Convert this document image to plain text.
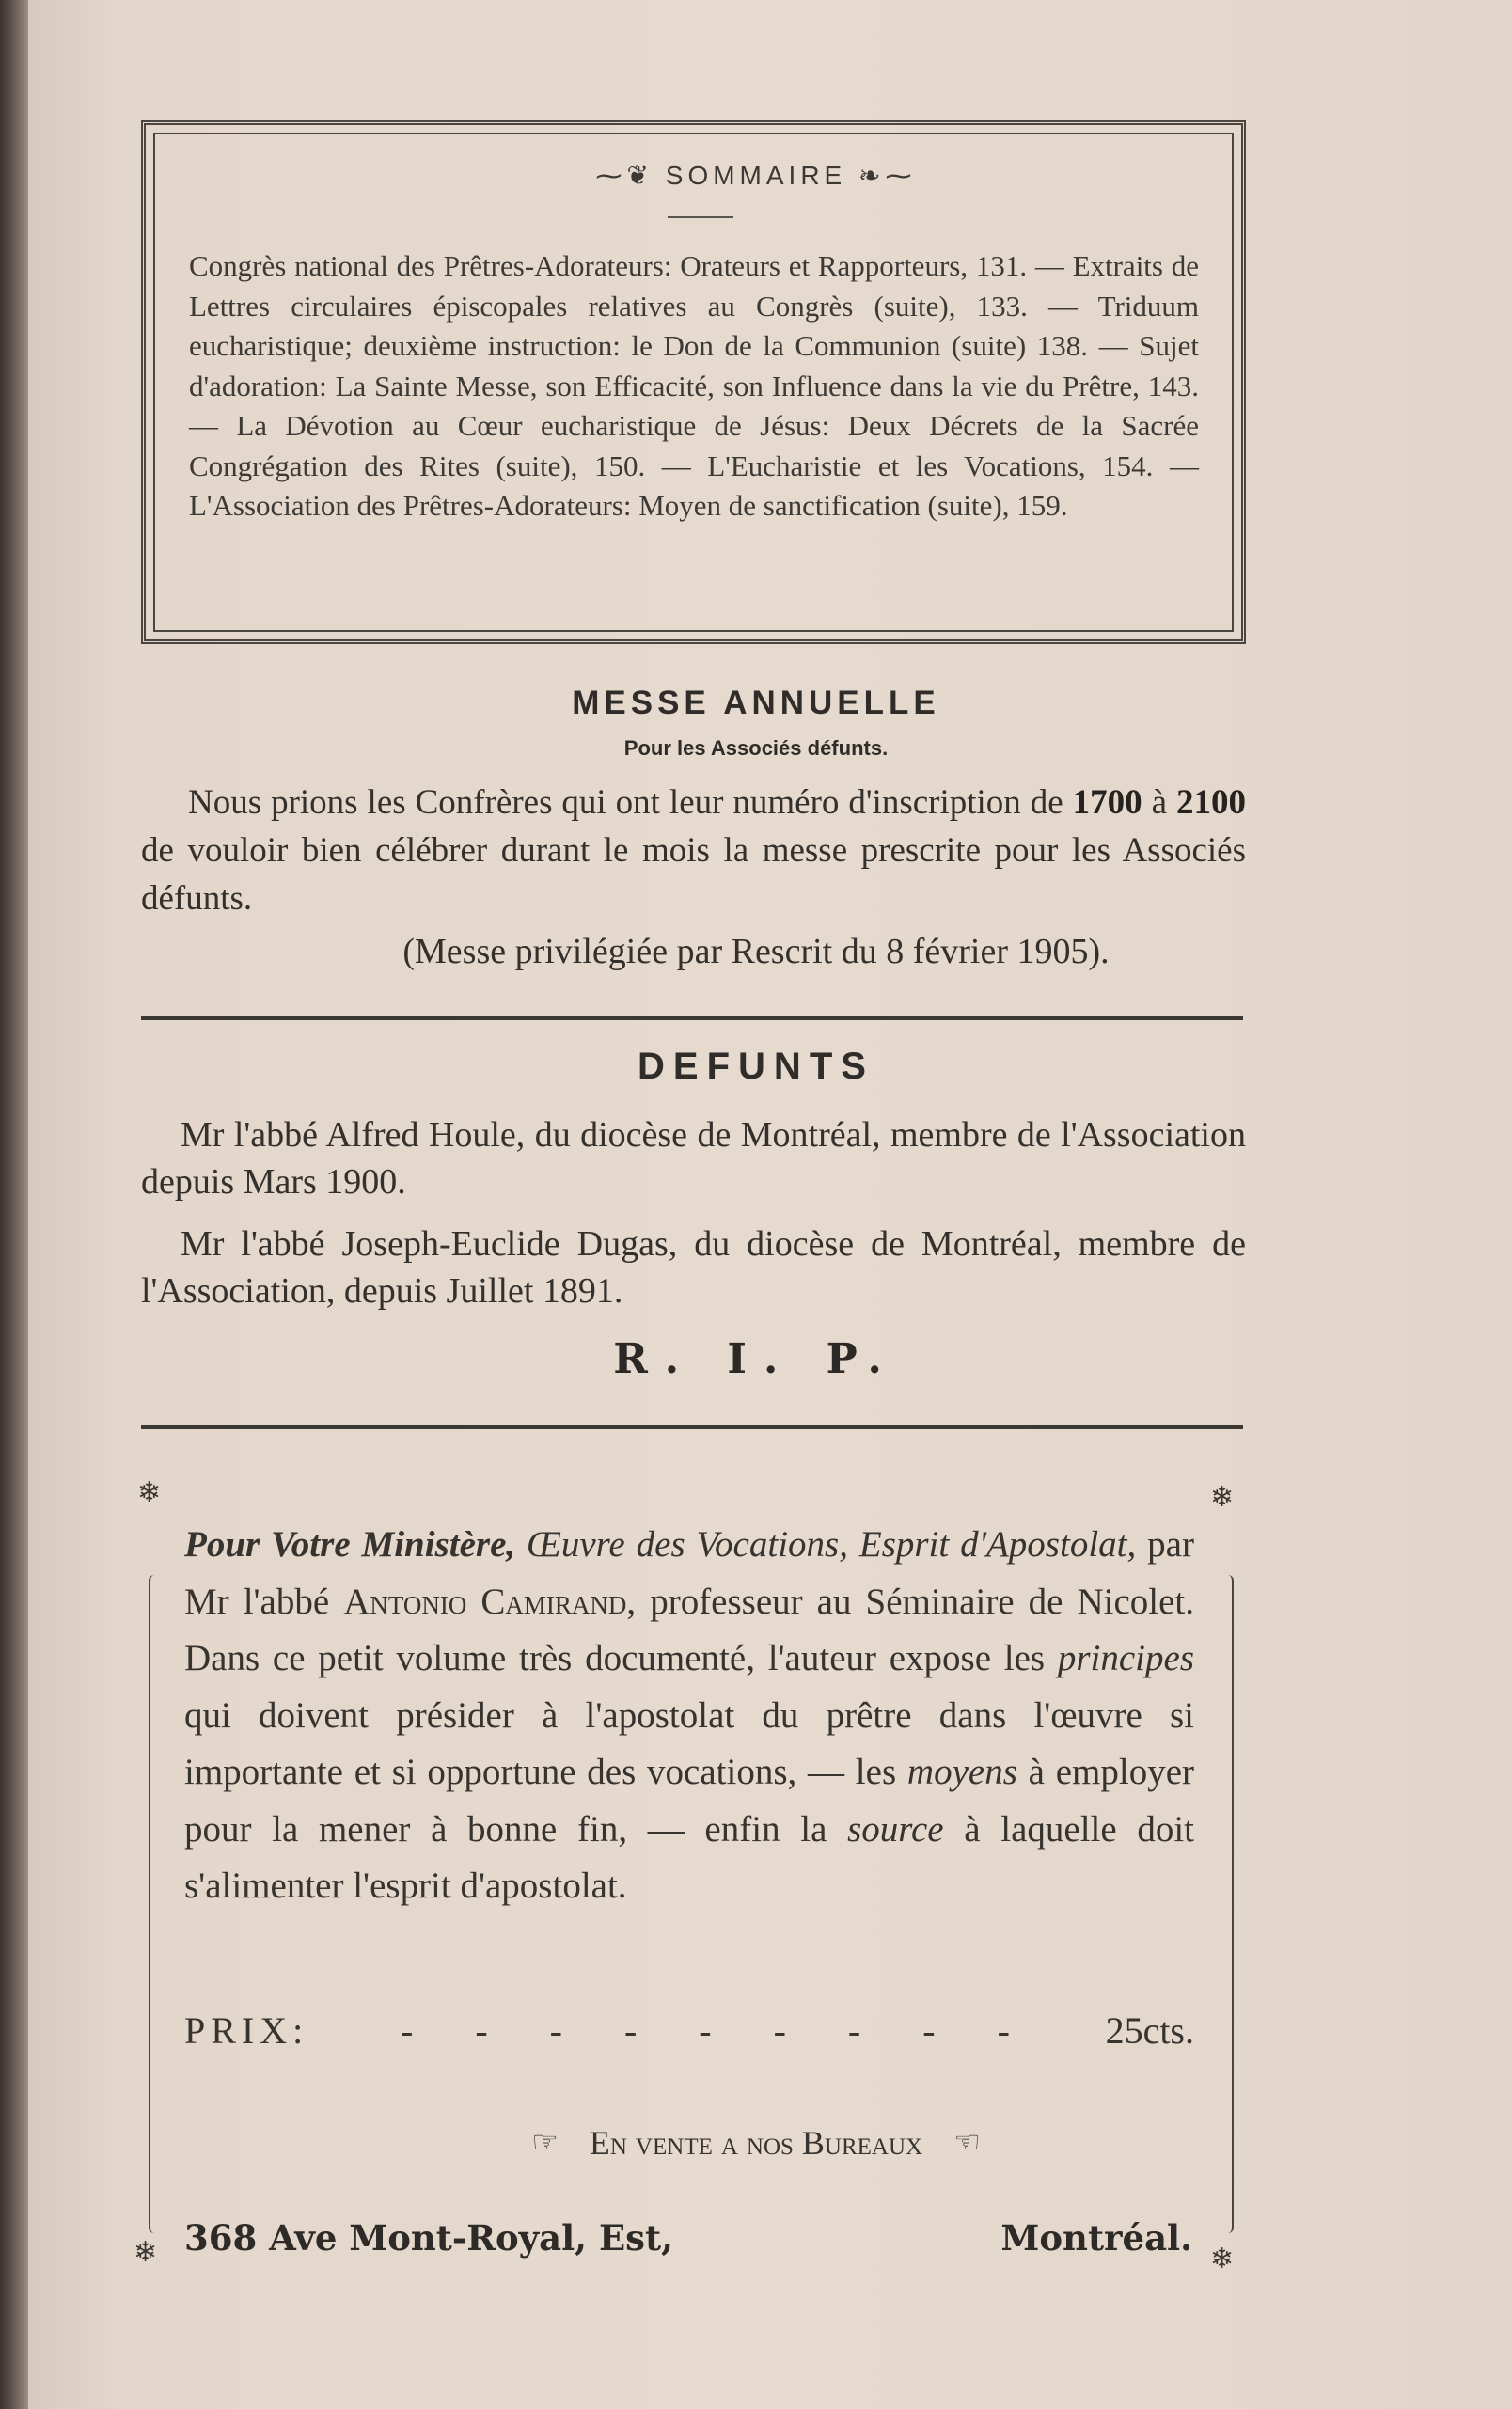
⁓❦ SOMMAIRE ❧⁓
Congrès national des Prêtres-Adorateurs: Orateurs et Rapporteurs, 131. — Extraits de Lettres circulaires épiscopales relatives au Congrès (suite), 133. — Triduum eucharistique; deuxième instruction: le Don de la Communion (suite) 138. — Sujet d'adoration: La Sainte Messe, son Efficacité, son Influence dans la vie du Prêtre, 143. — La Dévotion au Cœur eucharistique de Jésus: Deux Décrets de la Sacrée Congrégation des Rites (suite), 150. — L'Eucharistie et les Vocations, 154. — L'Association des Prêtres-Adorateurs: Moyen de sanctification (suite), 159.
MESSE ANNUELLE
Pour les Associés défunts.
Nous prions les Confrères qui ont leur numéro d'inscription de 1700 à 2100 de vouloir bien célébrer durant le mois la messe prescrite pour les Associés défunts.
(Messe privilégiée par Rescrit du 8 février 1905).
DEFUNTS
Mr l'abbé Alfred Houle, du diocèse de Montréal, membre de l'Association depuis Mars 1900.
Mr l'abbé Joseph-Euclide Dugas, du diocèse de Montréal, membre de l'Association, depuis Juillet 1891.
R. I. P.
❄	❄
❄	❄
Pour Votre Ministère, Œuvre des Vocations, Esprit d'Apostolat, par Mr l'abbé Antonio Camirand, professeur au Séminaire de Nicolet. Dans ce petit volume très documenté, l'auteur expose les principes qui doivent présider à l'apostolat du prêtre dans l'œuvre si importante et si opportune des vocations, — les moyens à employer pour la mener à bonne fin, — enfin la source à laquelle doit s'alimenter l'esprit d'apostolat.
PRIX: - - - - - - - - - 25cts.
☞ En vente a nos Bureaux ☜
368 Ave Mont-Royal, Est,	Montréal.
